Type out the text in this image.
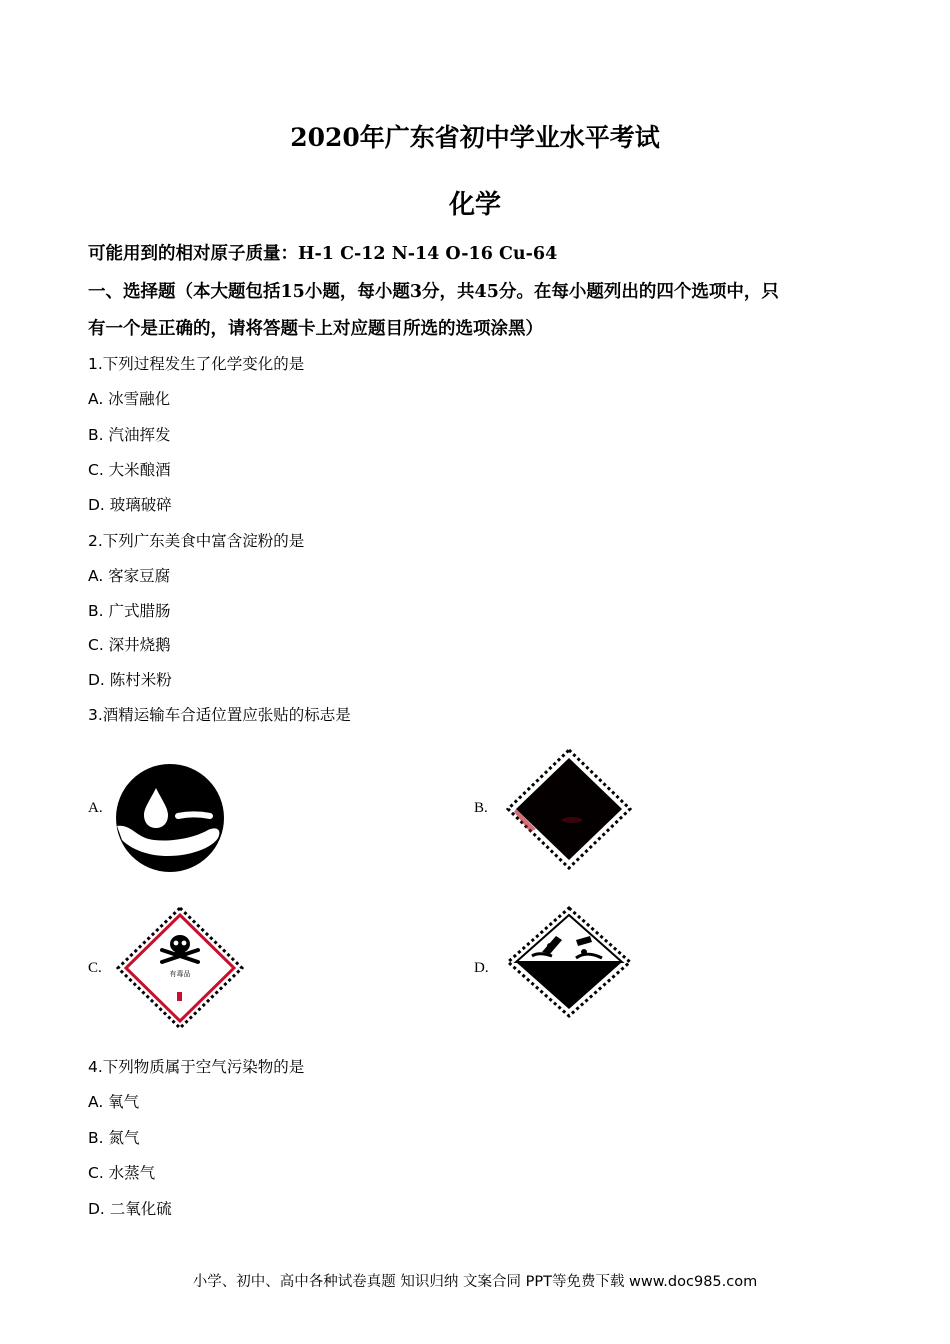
2020年广东省初中学业水平考试
化学
可能用到的相对原子质量：H-1 C-12 N-14 O-16 Cu-64
一、选择题（本大题包括15小题，每小题3分，共45分。在每小题列出的四个选项中，只
有一个是正确的，请将答题卡上对应题目所选的选项涂黑）
1.下列过程发生了化学变化的是
A. 冰雪融化
B. 汽油挥发
C. 大米酿酒
D. 玻璃破碎
2.下列广东美食中富含淀粉的是
A. 客家豆腐
B. 广式腊肠
C. 深井烧鹅
D. 陈村米粉
3.酒精运输车合适位置应张贴的标志是
A.	B.
C.	D.
有毒品
4.下列物质属于空气污染物的是
A. 氧气
B. 氮气
C. 水蒸气
D. 二氧化硫
小学、初中、高中各种试卷真题 知识归纳 文案合同 PPT等免费下载 www.doc985.com
